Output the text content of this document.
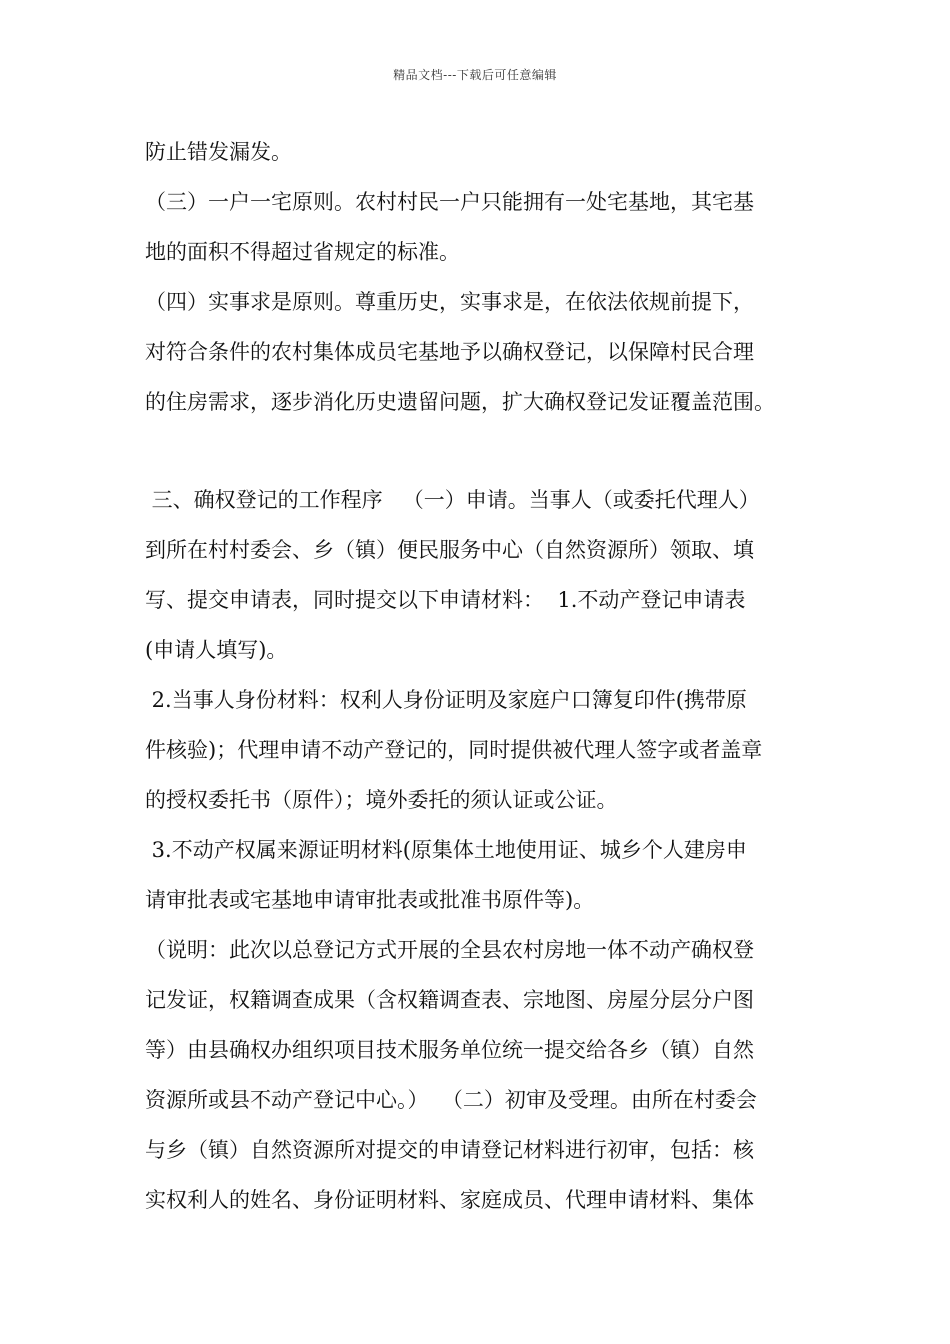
精品文档---下载后可任意编辑
防止错发漏发。
（三）一户一宅原则。农村村民一户只能拥有一处宅基地，其宅基
地的面积不得超过省规定的标准。
（四）实事求是原则。尊重历史，实事求是，在依法依规前提下，
对符合条件的农村集体成员宅基地予以确权登记，以保障村民合理
的住房需求，逐步消化历史遗留问题，扩大确权登记发证覆盖范围。
三、确权登记的工作程序   （一）申请。当事人（或委托代理人）
到所在村村委会、乡（镇）便民服务中心（自然资源所）领取、填
写、提交申请表，同时提交以下申请材料：  1.不动产登记申请表
(申请人填写)。
2.当事人身份材料：权利人身份证明及家庭户口簿复印件(携带原
件核验)；代理申请不动产登记的，同时提供被代理人签字或者盖章
的授权委托书（原件）；境外委托的须认证或公证。
3.不动产权属来源证明材料(原集体土地使用证、城乡个人建房申
请审批表或宅基地申请审批表或批准书原件等)。
（说明：此次以总登记方式开展的全县农村房地一体不动产确权登
记发证，权籍调查成果（含权籍调查表、宗地图、房屋分层分户图
等）由县确权办组织项目技术服务单位统一提交给各乡（镇）自然
资源所或县不动产登记中心。）  （二）初审及受理。由所在村委会
与乡（镇）自然资源所对提交的申请登记材料进行初审，包括：核
实权利人的姓名、身份证明材料、家庭成员、代理申请材料、集体
